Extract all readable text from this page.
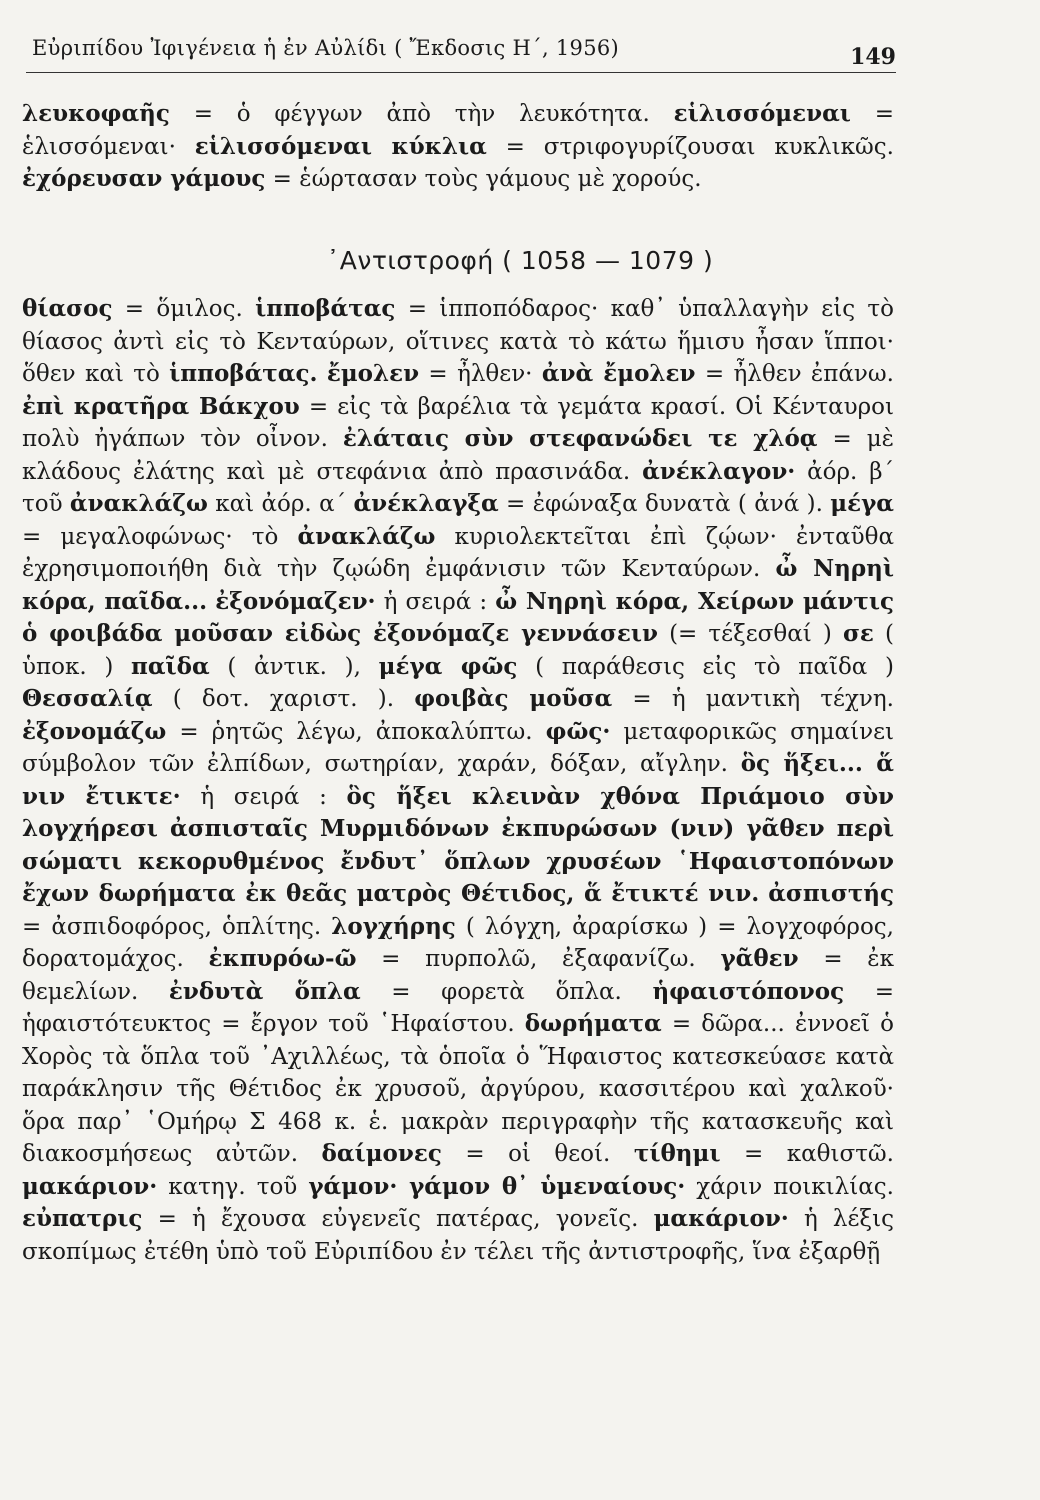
Εὐριπίδου Ἰφιγένεια ἡ ἐν Αὐλίδι ( Ἔκδοσις Η΄, 1956)	149

λευκοφαῆς = ὁ φέγγων ἀπὸ τὴν λευκότητα. εἱλισσόμεναι = ἑλισσόμεναι· εἱλισσόμεναι κύκλια = στριφογυρίζουσαι κυκλικῶς. ἐχόρευσαν γάμους = ἑώρτασαν τοὺς γάμους μὲ χορούς.

᾿Αντιστροφή ( 1058 — 1079 )

θίασος = ὅμιλος. ἱπποβάτας = ἱπποπόδαρος· καθ᾿ ὑπαλλαγὴν εἰς τὸ θίασος ἀντὶ εἰς τὸ Κενταύρων, οἵτινες κατὰ τὸ κάτω ἥμισυ ἦσαν ἵπποι· ὅθεν καὶ τὸ ἱπποβάτας. ἔμολεν = ἦλθεν· ἀνὰ ἔμολεν = ἦλθεν ἐπάνω. ἐπὶ κρατῆρα Βάκχου = εἰς τὰ βαρέλια τὰ γεμάτα κρασί. Οἱ Κένταυροι πολὺ ἠγάπων τὸν οἶνον. ἐλάταις σὺν στεφανώδει τε χλόᾳ = μὲ κλάδους ἐλάτης καὶ μὲ στεφάνια ἀπὸ πρασινάδα. ἀνέκλαγον· ἀόρ. β΄ τοῦ ἀνακλάζω καὶ ἀόρ. α΄ ἀνέκλαγξα = ἐφώναξα δυνατὰ ( ἀνά ). μέγα = μεγαλοφώνως· τὸ ἀνακλάζω κυριολεκτεῖται ἐπὶ ζῴων· ἐνταῦθα ἐχρησιμοποιήθη διὰ τὴν ζῳώδη ἐμφάνισιν τῶν Κενταύρων. ὦ Νηρηὶ κόρα, παῖδα... ἐξονόμαζεν· ἡ σειρά : ὦ Νηρηὶ κόρα, Χείρων μάντις ὁ φοιβάδα μοῦσαν εἰδὼς ἐξονόμαζε γεννάσειν (= τέξεσθαί ) σε ( ὑποκ. ) παῖδα ( ἀντικ. ), μέγα φῶς ( παράθεσις εἰς τὸ παῖδα ) Θεσσαλίᾳ ( δοτ. χαριστ. ). φοιβὰς μοῦσα = ἡ μαντικὴ τέχνη. ἐξονομάζω = ῥητῶς λέγω, ἀποκαλύπτω. φῶς· μεταφορικῶς σημαίνει σύμβολον τῶν ἐλπίδων, σωτηρίαν, χαράν, δόξαν, αἴγλην. ὃς ἥξει... ἅ νιν ἔτικτε· ἡ σειρά : ὃς ἥξει κλεινὰν χθόνα Πριάμοιο σὺν λογχήρεσι ἀσπισταῖς Μυρμιδόνων ἐκπυρώσων (νιν) γᾶθεν περὶ σώματι κεκορυθμένος ἔνδυτ᾿ ὅπλων χρυσέων ῾Ηφαιστοπόνων ἔχων δωρήματα ἐκ θεᾶς ματρὸς Θέτιδος, ἅ ἔτικτέ νιν. ἀσπιστής = ἀσπιδοφόρος, ὁπλίτης. λογχήρης ( λόγχη, ἀραρίσκω ) = λογχοφόρος, δορατομάχος. ἐκπυρόω-ῶ = πυρπολῶ, ἐξαφανίζω. γᾶθεν = ἐκ θεμελίων. ἐνδυτὰ ὅπλα = φορετὰ ὅπλα. ἡφαιστόπονος = ἡφαιστότευκτος = ἔργον τοῦ ῾Ηφαίστου. δωρήματα = δῶρα... ἐννοεῖ ὁ Χορὸς τὰ ὅπλα τοῦ ᾿Αχιλλέως, τὰ ὁποῖα ὁ Ἥφαιστος κατεσκεύασε κατὰ παράκλησιν τῆς Θέτιδος ἐκ χρυσοῦ, ἀργύρου, κασσιτέρου καὶ χαλκοῦ· ὅρα παρ᾿ ῾Ομήρῳ Σ 468 κ. ἑ. μακρὰν περιγραφὴν τῆς κατασκευῆς καὶ διακοσμήσεως αὐτῶν. δαίμονες = οἱ θεοί. τίθημι = καθιστῶ. μακάριον· κατηγ. τοῦ γάμον· γάμον θ᾿ ὑμεναίους· χάριν ποικιλίας. εὐπατρις = ἡ ἔχουσα εὐγενεῖς πατέρας, γονεῖς. μακάριον· ἡ λέξις σκοπίμως ἐτέθη ὑπὸ τοῦ Εὐριπίδου ἐν τέλει τῆς ἀντιστροφῆς, ἵνα ἐξαρθῇ
